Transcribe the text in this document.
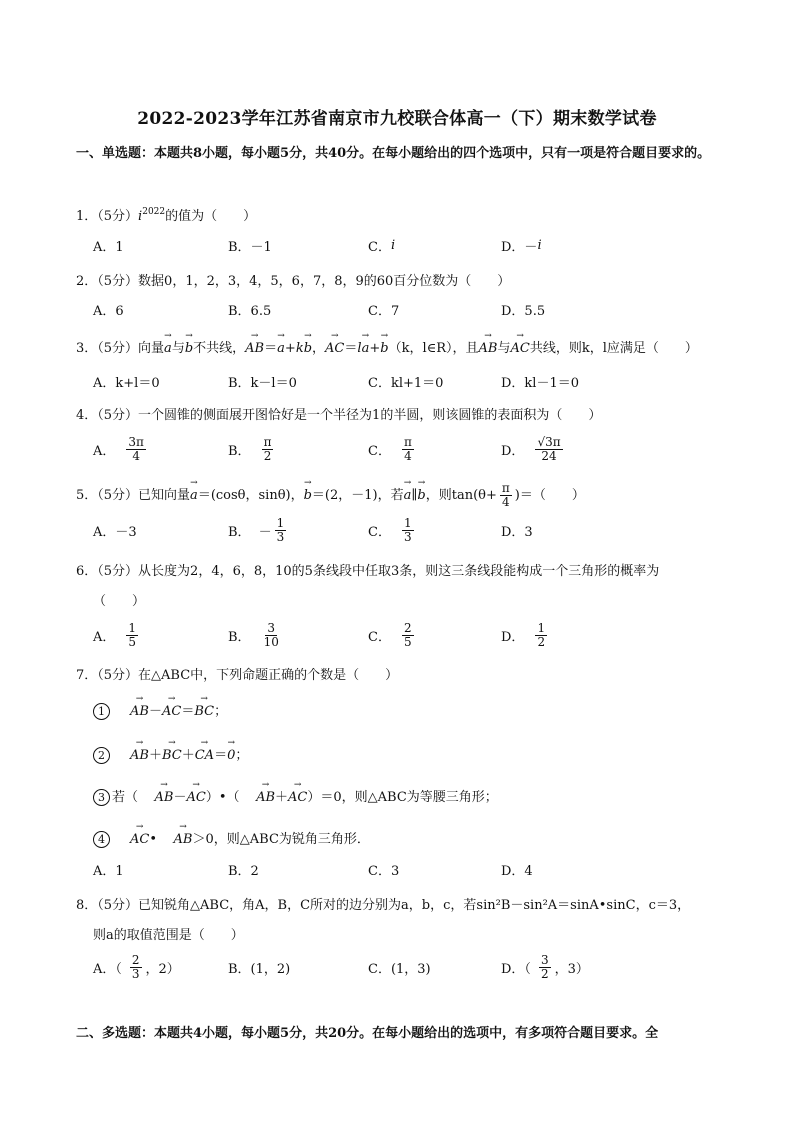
2022-2023学年江苏省南京市九校联合体高一（下）期末数学试卷
一、单选题：本题共8小题，每小题5分，共40分。在每小题给出的四个选项中，只有一项是符合题目要求的。
1．（5分）$i^{2022}$的值为（　　）
A．1	B．－1	C． i	D．－ i
2．（5分）数据0，1，2，3，4，5，6，7，8，9的60百分位数为（　　）
A．6	B．6.5	C．7	D．5.5
3．（5分）向量→ a与→ b不共线，→ AB＝→ a+k→ b，→ AC＝l→ a+→ b（k，l∈R），且→ AB与→ AC共线，则k，l应满足（　　）
A．k+l＝0	B．k－l＝0	C．kl+1＝0	D．kl－1＝0
4．（5分）一个圆锥的侧面展开图恰好是一个半径为1的半圆，则该圆锥的表面积为（　　）
A． $\frac{3\pi}{4}$	B． $\frac{\pi}{2}$	C． $\frac{\pi}{4}$	D． $\frac{√3\pi}{24}$
5．（5分）已知向量→ a＝(cosθ，sinθ)，→ b＝(2，－1)，若→ a∥→ b，则$\tan(\theta+ \frac{\pi}{4}$ )＝（　　）
A．－3	B． － $\frac{1}{3}$	C． $\frac{1}{3}$	D．3
6．（5分）从长度为2，4，6，8，10的5条线段中任取3条，则这三条线段能构成一个三角形的概率为
（　　）
A． $\frac{1}{5}$	B． $\frac{3}{10}$	C． $\frac{2}{5}$	D． $\frac{1}{2}$
7．（5分）在△ABC中，下列命题正确的个数是（　　）
1 → AB－→ AC＝→ BC；
2 → AB＋→ BC＋→ CA＝→ 0；
3 若（ → AB－→ AC）•（ → AB＋→ AC）＝0，则△ABC为等腰三角形；
4 → AC• → AB＞0，则△ABC为锐角三角形．
A．1	B．2	C．3	D．4
8．（5分）已知锐角△ABC，角A，B，C所对的边分别为a，b，c，若sin²B－sin²A＝sinA•sinC，c＝3，
则a的取值范围是（　　）
A．（ $\frac{2}{3}$ ，2）	B．(1，2)	C．(1，3)	D．（ $\frac{3}{2}$ ，3）
二、多选题：本题共4小题，每小题5分，共20分。在每小题给出的选项中，有多项符合题目要求。全
